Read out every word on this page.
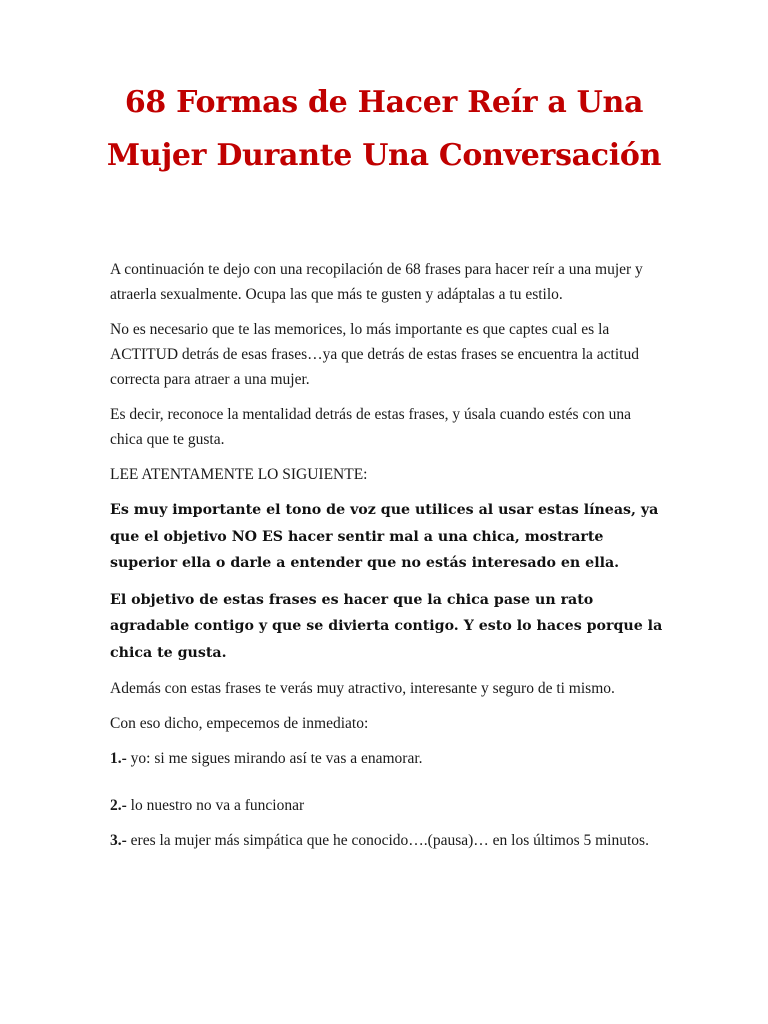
68 Formas de Hacer Reír a Una Mujer Durante Una Conversación

A continuación te dejo con una recopilación de 68 frases para hacer reír a una mujer y atraerla sexualmente. Ocupa las que más te gusten y adáptalas a tu estilo.

No es necesario que te las memorices, lo más importante es que captes cual es la ACTITUD detrás de esas frases…ya que detrás de estas frases se encuentra la actitud correcta para atraer a una mujer.

Es decir, reconoce la mentalidad detrás de estas frases, y úsala cuando estés con una chica que te gusta.

LEE ATENTAMENTE LO SIGUIENTE:

Es muy importante el tono de voz que utilices al usar estas líneas, ya que el objetivo NO ES hacer sentir mal a una chica, mostrarte superior ella o darle a entender que no estás interesado en ella.

El objetivo de estas frases es hacer que la chica pase un rato agradable contigo y que se divierta contigo. Y esto lo haces porque la chica te gusta.

Además con estas frases te verás muy atractivo, interesante y seguro de ti mismo.

Con eso dicho, empecemos de inmediato:

1.- yo: si me sigues mirando así te vas a enamorar.

2.- lo nuestro no va a funcionar

3.- eres la mujer más simpática que he conocido….(pausa)… en los últimos 5 minutos.
